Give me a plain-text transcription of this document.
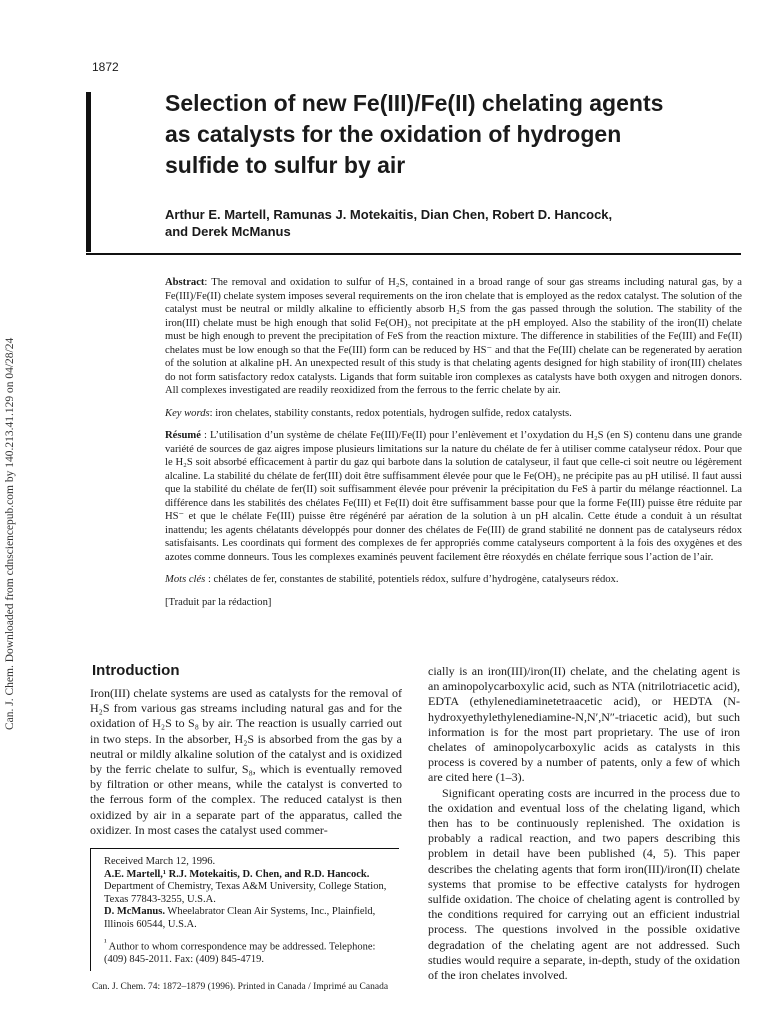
1872
Selection of new Fe(III)/Fe(II) chelating agents
as catalysts for the oxidation of hydrogen
sulfide to sulfur by air

Arthur E. Martell, Ramunas J. Motekaitis, Dian Chen, Robert D. Hancock,
and Derek McManus

Abstract: The removal and oxidation to sulfur of H₂S, contained in a broad range of sour gas streams including natural gas, by a Fe(III)/Fe(II) chelate system imposes several requirements on the iron chelate that is employed as the redox catalyst. The solution of the catalyst must be neutral or mildly alkaline to efficiently absorb H₂S from the gas passed through the solution. The stability of the iron(III) chelate must be high enough that solid Fe(OH)₃ not precipitate at the pH employed. Also the stability of the iron(II) chelate must be high enough to prevent the precipitation of FeS from the reaction mixture. The difference in stabilities of the Fe(III) and Fe(II) chelates must be low enough so that the Fe(III) form can be reduced by HS⁻ and that the Fe(III) chelate can be regenerated by aeration of the solution at alkaline pH. An unexpected result of this study is that chelating agents designed for high stability of iron(III) chelates do not form satisfactory redox catalysts. Ligands that form suitable iron complexes as catalysts have both oxygen and nitrogen donors. All complexes investigated are readily reoxidized from the ferrous to the ferric chelate by air.

Key words: iron chelates, stability constants, redox potentials, hydrogen sulfide, redox catalysts.

Résumé : L’utilisation d’un système de chélate Fe(III)/Fe(II) pour l’enlèvement et l’oxydation du H₂S (en S) contenu dans une grande variété de sources de gaz aigres impose plusieurs limitations sur la nature du chélate de fer à utiliser comme catalyseur rédox. Pour que le H₂S soit absorbé efficacement à partir du gaz qui barbote dans la solution de catalyseur, il faut que celle-ci soit neutre ou légèrement alcaline. La stabilité du chélate de fer(III) doit être suffisamment élevée pour que le Fe(OH)₃ ne précipite pas au pH utilisé. Il faut aussi que la stabilité du chélate de fer(II) soit suffisamment élevée pour prévenir la précipitation du FeS à partir du mélange réactionnel. La différence dans les stabilités des chélates Fe(III) et Fe(II) doit être suffisamment basse pour que la forme Fe(III) puisse être réduite par HS⁻ et que le chélate Fe(III) puisse être régénéré par aération de la solution à un pH alcalin. Cette étude a conduit à un résultat inattendu; les agents chélatants développés pour donner des chélates de Fe(III) de grand stabilité ne donnent pas de catalyseurs rédox satisfaisants. Les coordinats qui forment des complexes de fer appropriés comme catalyseurs comportent à la fois des oxygènes et des azotes comme donneurs. Tous les complexes examinés peuvent facilement être réoxydés en chélate ferrique sous l’action de l’air.

Mots clés : chélates de fer, constantes de stabilité, potentiels rédox, sulfure d’hydrogène, catalyseurs rédox.

[Traduit par la rédaction]

Introduction

Iron(III) chelate systems are used as catalysts for the removal of H₂S from various gas streams including natural gas and for the oxidation of H₂S to S₈ by air. The reaction is usually carried out in two steps. In the absorber, H₂S is absorbed from the gas by a neutral or mildly alkaline solution of the catalyst and is oxidized by the ferric chelate to sulfur, S₈, which is eventually removed by filtration or other means, while the catalyst is converted to the ferrous form of the complex. The reduced catalyst is then oxidized by air in a separate part of the apparatus, called the oxidizer. In most cases the catalyst used commer-

cially is an iron(III)/iron(II) chelate, and the chelating agent is an aminopolycarboxylic acid, such as NTA (nitrilotriacetic acid), EDTA (ethylenediaminetetraacetic acid), or HEDTA (N-hydroxyethylethylenediamine-N,N′,N″-triacetic acid), but such information is for the most part proprietary. The use of iron chelates of aminopolycarboxylic acids as catalysts in this process is covered by a number of patents, only a few of which are cited here (1–3).

Significant operating costs are incurred in the process due to the oxidation and eventual loss of the chelating ligand, which then has to be continuously replenished. The oxidation is probably a radical reaction, and two papers describing this problem in detail have been published (4, 5). This paper describes the chelating agents that form iron(III)/iron(II) chelate systems that promise to be effective catalysts for hydrogen sulfide oxidation. The choice of chelating agent is controlled by the conditions required for carrying out an efficient industrial process. The questions involved in the possible oxidative degradation of the chelating agent are not addressed. Such studies would require a separate, in-depth, study of the oxidation of the iron chelates involved.

Received March 12, 1996.

A.E. Martell,¹ R.J. Motekaitis, D. Chen, and R.D. Hancock.
Department of Chemistry, Texas A&M University, College Station, Texas 77843-3255, U.S.A.

D. McManus. Wheelabrator Clean Air Systems, Inc., Plainfield, Illinois 60544, U.S.A.

$^{^1}$ Author to whom correspondence may be addressed. Telephone: (409) 845-2011. Fax: (409) 845-4719.

Can. J. Chem. 74: 1872–1879 (1996). Printed in Canada / Imprimé au Canada
Can. J. Chem. Downloaded from cdnsciencepub.com by 140.213.41.129 on 04/28/24
